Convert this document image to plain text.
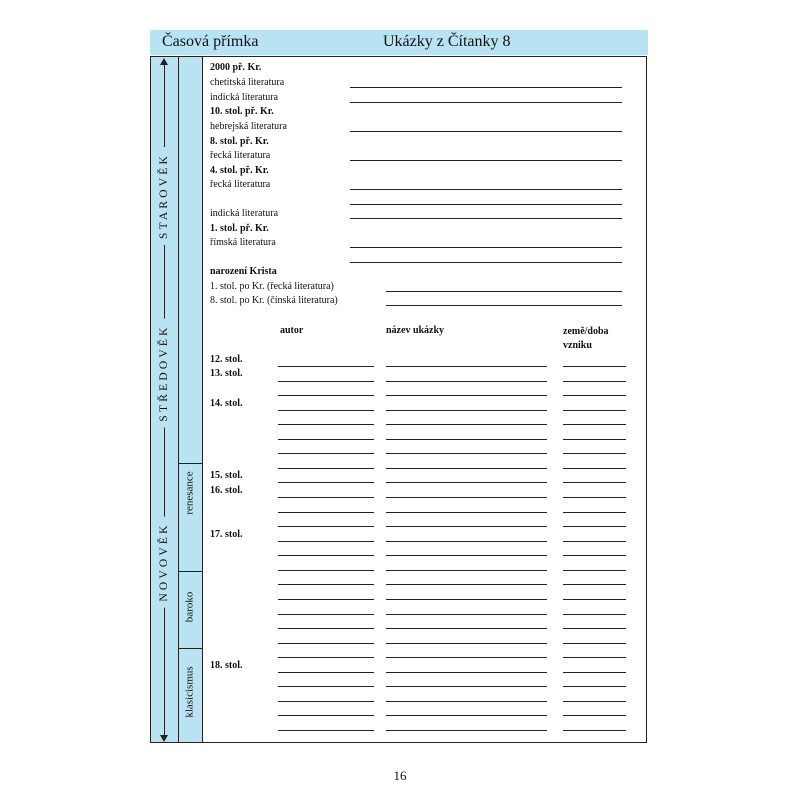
Časová přímka	Ukázky z Čítanky 8
STAROVĚK
STŘEDOVĚK
NOVOVĚK
renesance
baroko
klasicismus
2000 př. Kr.
chetitská literatura
indická literatura
10. stol. př. Kr.
hebrejská literatura
8. stol. př. Kr.
řecká literatura
4. stol. př. Kr.
řecká literatura
indická literatura
1. stol. př. Kr.
římská literatura
narození Krista
1. stol. po Kr. (řecká literatura)
8. stol. po Kr. (čínská literatura)
autor	název ukázky	země/doba vzniku
12. stol.
13. stol.
14. stol.
15. stol.
16. stol.
17. stol.
18. stol.
16
